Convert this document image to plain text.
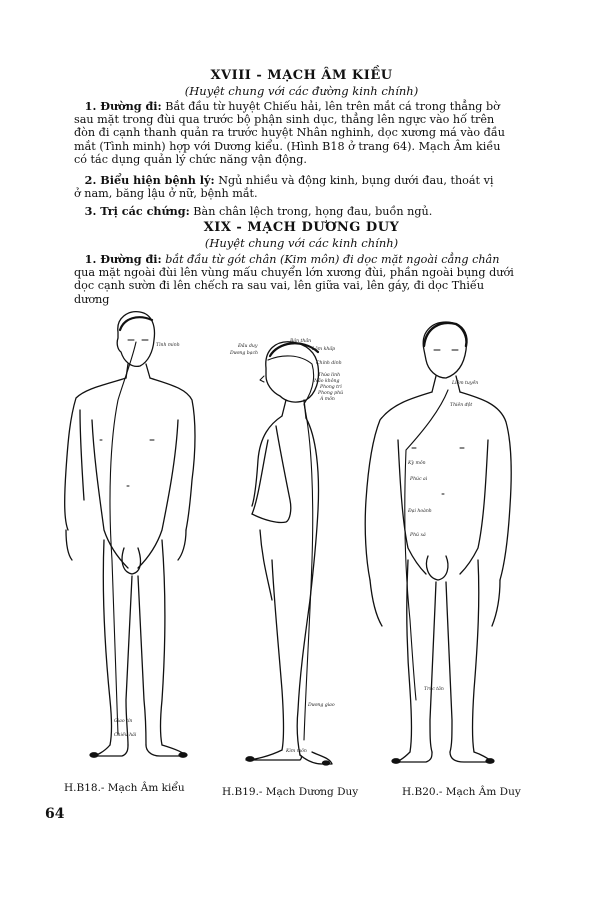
XVIII - MẠCH ÂM KIỀU
(Huyệt chung với các đường kinh chính)
1. Đường đi: Bắt đầu từ huyệt Chiếu hải, lên trên mắt cá trong thẳng bờ
sau mặt trong đùi qua trước bộ phận sinh dục, thẳng lên ngực vào hố trên
đòn đi cạnh thanh quản ra trước huyệt Nhân nghinh, dọc xương má vào đầu
mắt (Tình minh) hợp với Dương kiểu. (Hình B18 ở trang 64). Mạch Âm kiều
có tác dụng quản lý chức năng vận động.
2. Biểu hiện bệnh lý: Ngủ nhiều và động kinh, bụng dưới đau, thoát vị
ở nam, băng lậu ở nữ, bệnh mắt.
3. Trị các chứng: Bàn chân lệch trong, họng đau, buồn ngủ.
XIX - MẠCH DƯƠNG DUY
(Huyệt chung với các kinh chính)
1. Đường đi: bắt đầu từ gót chân (Kim môn) đi dọc mặt ngoài cẳng chân
qua mặt ngoài đùi lên vùng mấu chuyển lớn xương đùi, phần ngoài bụng dưới
dọc cạnh sườn đi lên chếch ra sau vai, lên giữa vai, lên gáy, đi dọc Thiếu
dương
Tình minh
Giao tín
Chiếu hải
Đầu duy
Dương bạch
Bản thần
Lâm khấp
Chính dinh
Thừa linh
Não không
Phong trì
Phong phủ
Á môn
Dương giao
Kim môn
Liêm tuyền
Thiên đột
Kỳ môn
Phúc ai
Đại hoành
Phủ xá
Trúc tân
H.B18.- Mạch Âm kiểu	H.B19.- Mạch Dương Duy	H.B20.- Mạch Âm Duy
64
